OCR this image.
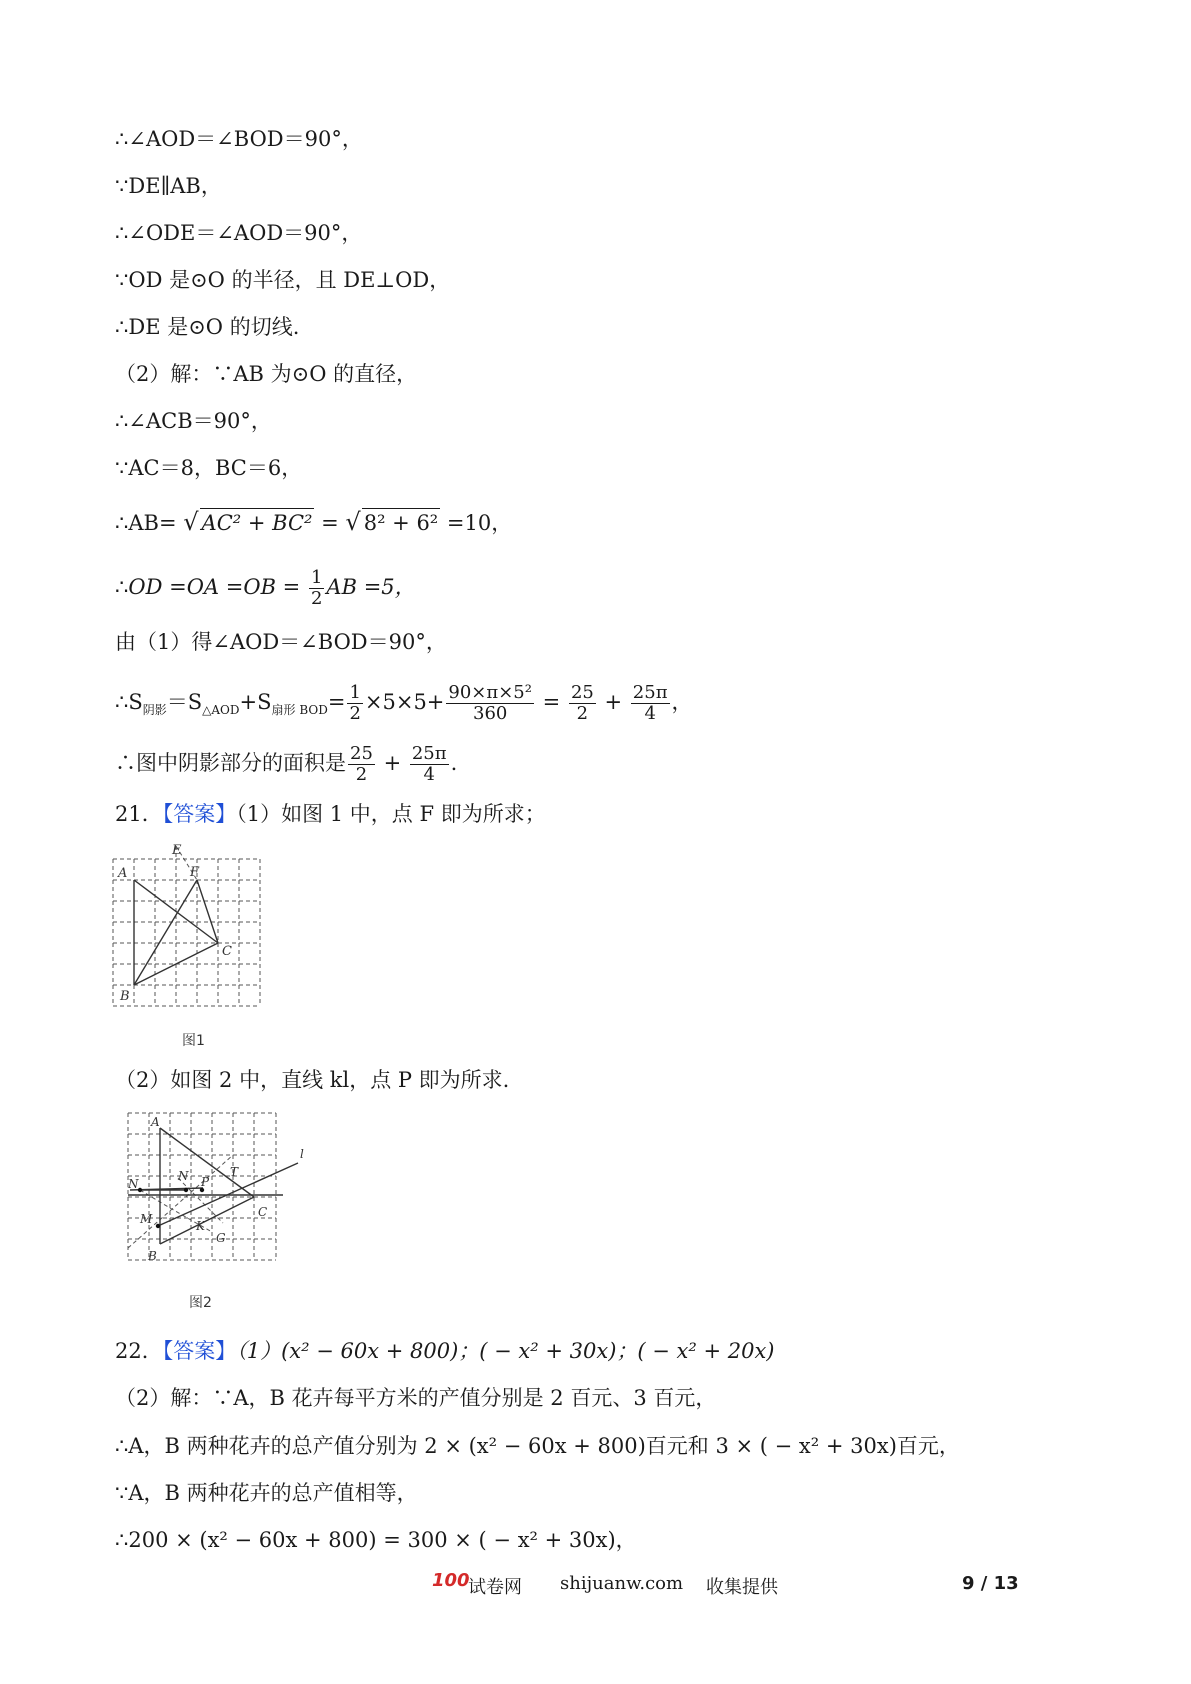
∴∠AOD＝∠BOD＝90°，
∵DE∥AB，
∴∠ODE＝∠AOD＝90°，
∵OD 是⊙O 的半径，且 DE⊥OD，
∴DE 是⊙O 的切线.
（2）解：∵AB 为⊙O 的直径，
∴∠ACB＝90°，
∵AC＝8，BC＝6，
∴AB= √ AC² + BC² = √ 8² + 6² =10，
∴OD $=OA =OB = \frac{1}{2}$ AB =5，
由（1）得∠AOD＝∠BOD＝90°，
$\therefore S_{阴影}=S_{\triangle AOD}+S_{扇形 BOD}= \frac{1}{2} \times 5\times 5+ \frac{\text{90×π×5²}}{360} = \frac{25}{2} + \frac{25\pi}{4}$ ，
∴图中阴影部分的面积是 $\frac{25}{2} + \frac{25\pi}{4}$ .
21．【答案】（1）如图 1 中，点 F 即为所求；
A
B
C
E
F
图1
（2）如图 2 中，直线 kl，点 P 即为所求.
A
B
C
N
M
P
T
K
G
l
N
图2
22．【答案】（1）(x² − 60x + 800)；( − x² + 30x)；( − x² + 20x)
（2）解：∵A，B 花卉每平方米的产值分别是 2 百元、3 百元，
∴A，B 两种花卉的总产值分别为 2 × (x² − 60x + 800)百元和 3 × ( − x² + 30x)百元，
∵A，B 两种花卉的总产值相等，
∴200 × (x² − 60x + 800) = 300 × ( − x² + 30x)，
100
试卷网 shijuanw.com 收集提供	9 / 13
